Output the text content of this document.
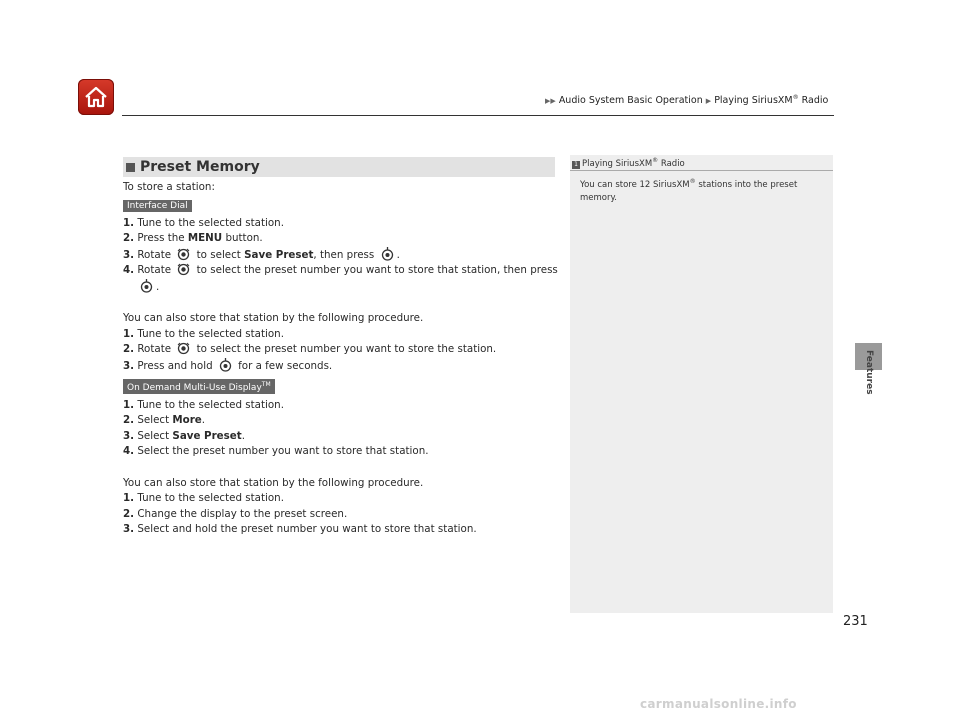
▶▶ Audio System Basic Operation ▶ Playing SiriusXM® Radio
Features
Preset Memory

To store a station:

Interface Dial

1. Tune to the selected station.

2. Press the MENU button.

3. Rotate to select Save Preset, then press .

4. Rotate to select the preset number you want to store that station, then press .

You can also store that station by the following procedure.

1. Tune to the selected station.

2. Rotate to select the preset number you want to store the station.

3. Press and hold for a few seconds.

On Demand Multi-Use Display™

1. Tune to the selected station.

2. Select More.

3. Select Save Preset.

4. Select the preset number you want to store that station.

You can also store that station by the following procedure.

1. Tune to the selected station.

2. Change the display to the preset screen.

3. Select and hold the preset number you want to store that station.

1 Playing SiriusXM® Radio
You can store 12 SiriusXM® stations into the preset memory.
231
carmanualsonline.info
